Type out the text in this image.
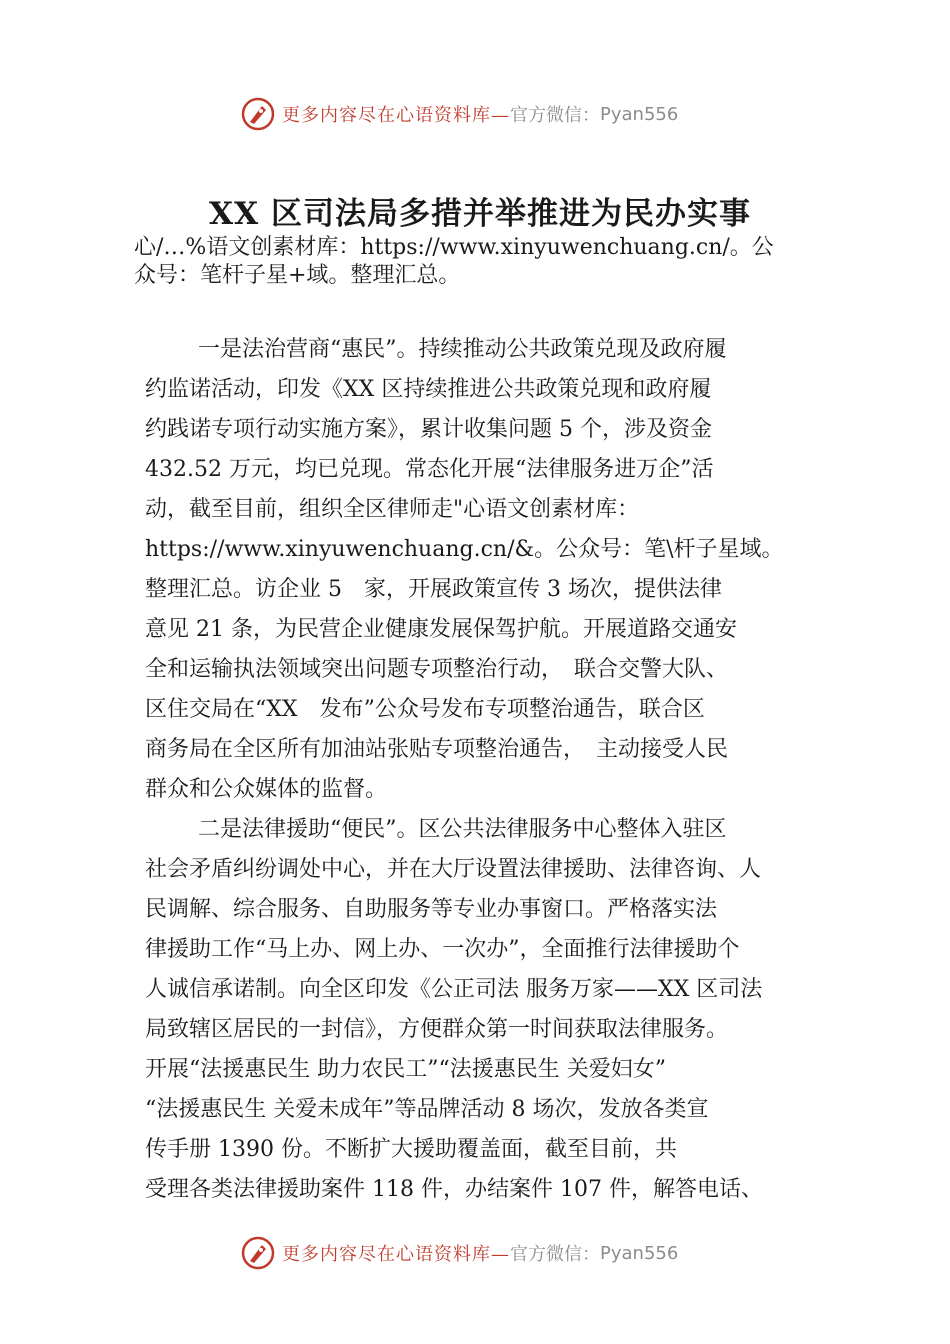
更多内容尽在心语资料库— 官方微信： Pyan556
XX 区司法局多措并举推进为民办实事
心/…%语文创素材库：https://www.xinyuwenchuang.cn/。公
众号：笔杆子星+域。整理汇总。
一是法治营商“惠民”。持续推动公共政策兑现及政府履
约监诺活动，印发《XX 区持续推进公共政策兑现和政府履
约践诺专项行动实施方案》，累计收集问题 5 个，涉及资金
432.52 万元，均已兑现。常态化开展“法律服务进万企”活
动，截至目前，组织全区律师走"心语文创素材库：
https://www.xinyuwenchuang.cn/&。公众号：笔\杆子星域。
整理汇总。访企业 5　家，开展政策宣传 3 场次，提供法律
意见 21 条，为民营企业健康发展保驾护航。开展道路交通安
全和运输执法领域突出问题专项整治行动，　联合交警大队、
区住交局在“XX　发布”公众号发布专项整治通告，联合区
商务局在全区所有加油站张贴专项整治通告，　主动接受人民
群众和公众媒体的监督。
二是法律援助“便民”。区公共法律服务中心整体入驻区
社会矛盾纠纷调处中心，并在大厅设置法律援助、法律咨询、人
民调解、综合服务、自助服务等专业办事窗口。严格落实法
律援助工作“马上办、网上办、一次办”，全面推行法律援助个
人诚信承诺制。向全区印发《公正司法 服务万家——XX 区司法
局致辖区居民的一封信》，方便群众第一时间获取法律服务。
开展“法援惠民生 助力农民工”“法援惠民生 关爱妇女”
“法援惠民生 关爱未成年”等品牌活动 8 场次，发放各类宣
传手册 1390 份。不断扩大援助覆盖面，截至目前，共
受理各类法律援助案件 118 件，办结案件 107 件，解答电话、
更多内容尽在心语资料库— 官方微信： Pyan556
